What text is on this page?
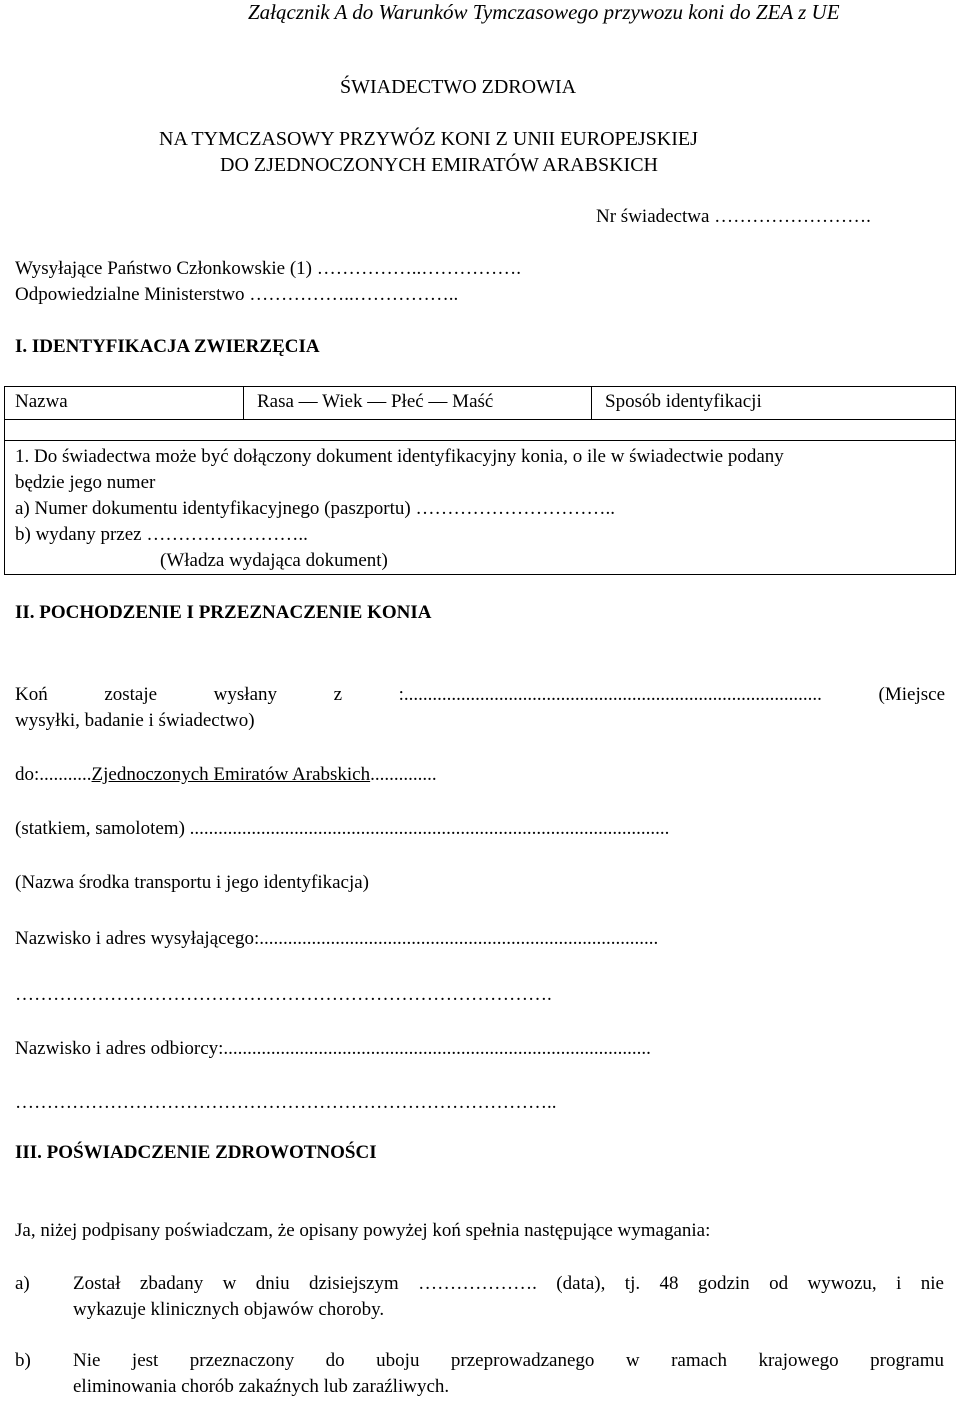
Załącznik A do Warunków Tymczasowego przywozu koni do ZEA z UE
ŚWIADECTWO ZDROWIA
NA TYMCZASOWY PRZYWÓZ KONI Z UNII EUROPEJSKIEJ
DO ZJEDNOCZONYCH EMIRATÓW ARABSKICH
Nr świadectwa …………………….
Wysyłające Państwo Członkowskie (1) ……………..…………….
Odpowiedzialne Ministerstwo ……………..……………..
I. IDENTYFIKACJA ZWIERZĘCIA
Nazwa	Rasa — Wiek — Płeć — Maść	Sposób identyfikacji
1. Do świadectwa może być dołączony dokument identyfikacyjny konia, o ile w świadectwie podany
będzie jego numer
a) Numer dokumentu identyfikacyjnego (paszportu) …………………………..
b) wydany przez ……………………..
(Władza wydająca dokument)
II. POCHODZENIE I PRZEZNACZENIE KONIA
Koń zostaje wysłany z :........................................................................................ (Miejsce
wysyłki, badanie i świadectwo)
do:...........Zjednoczonych Emiratów Arabskich..............
(statkiem, samolotem) .....................................................................................................
(Nazwa środka transportu i jego identyfikacja)
Nazwisko i adres wysyłającego:....................................................................................
………………………………………………………………………….
Nazwisko i adres odbiorcy:..........................................................................................
…………………………………………………………………………..
III. POŚWIADCZENIE ZDROWOTNOŚCI
Ja, niżej podpisany poświadczam, że opisany powyżej koń spełnia następujące wymagania:
a) Został zbadany w dniu dzisiejszym ………………. (data), tj. 48 godzin od wywozu, i nie
wykazuje klinicznych objawów choroby.
b) Nie jest przeznaczony do uboju przeprowadzanego w ramach krajowego programu
eliminowania chorób zakaźnych lub zaraźliwych.
